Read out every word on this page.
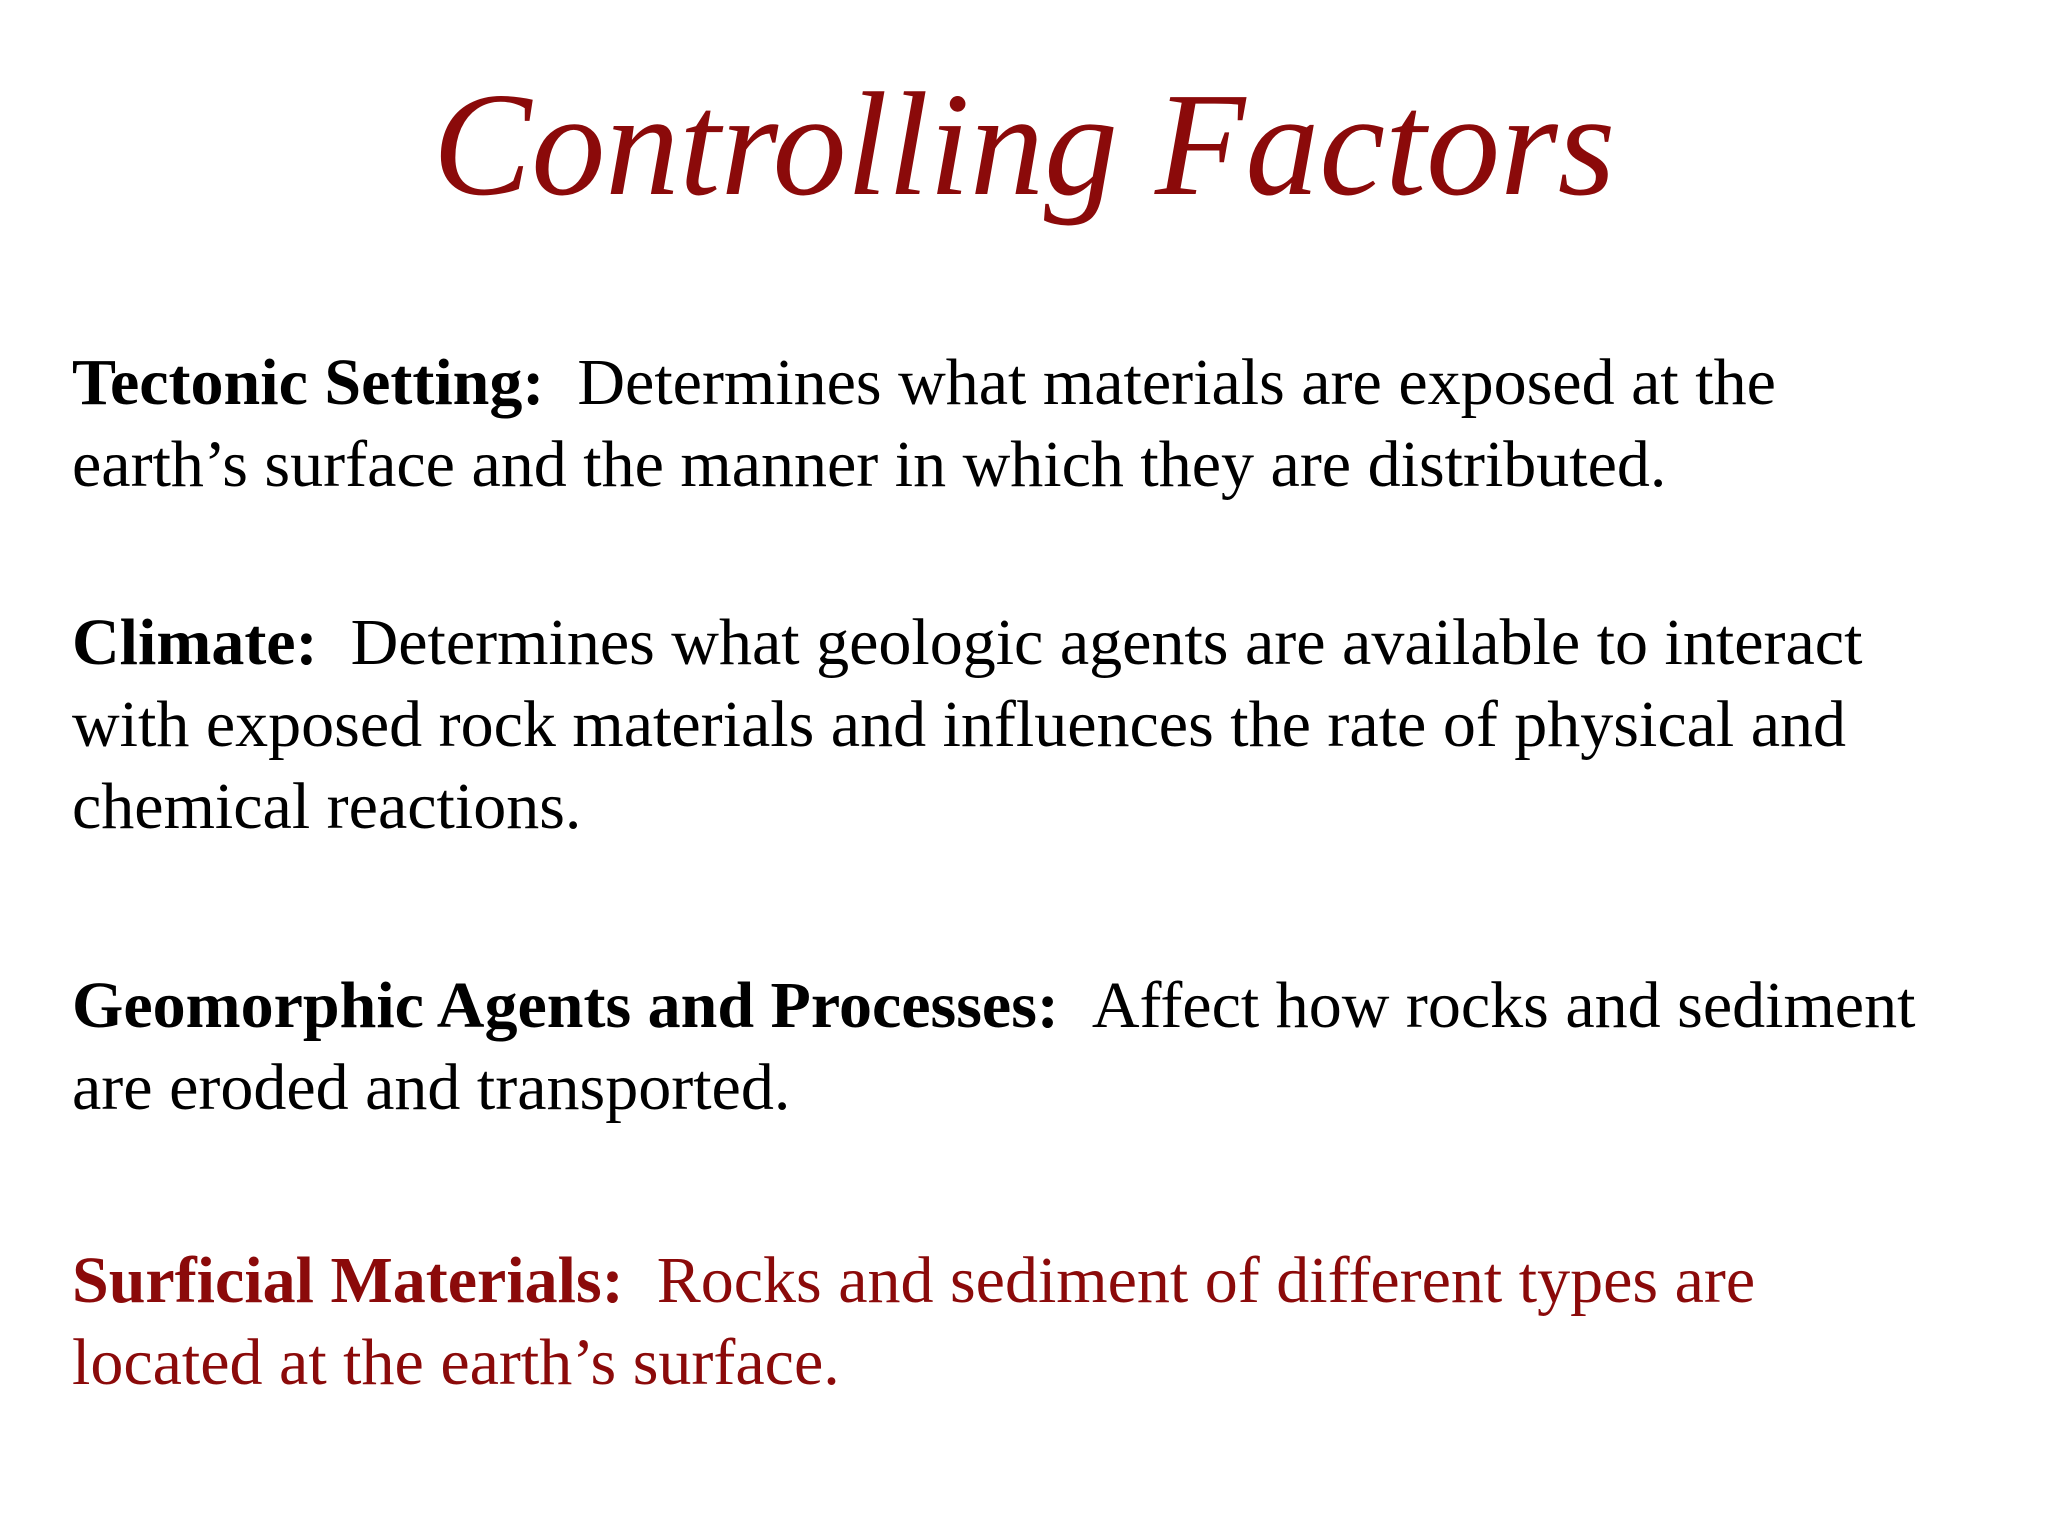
Controlling Factors

Tectonic Setting: Determines what materials are exposed at the
earth’s surface and the manner in which they are distributed.

Climate: Determines what geologic agents are available to interact
with exposed rock materials and influences the rate of physical and
chemical reactions.

Geomorphic Agents and Processes: Affect how rocks and sediment
are eroded and transported.

Surficial Materials: Rocks and sediment of different types are
located at the earth’s surface.
